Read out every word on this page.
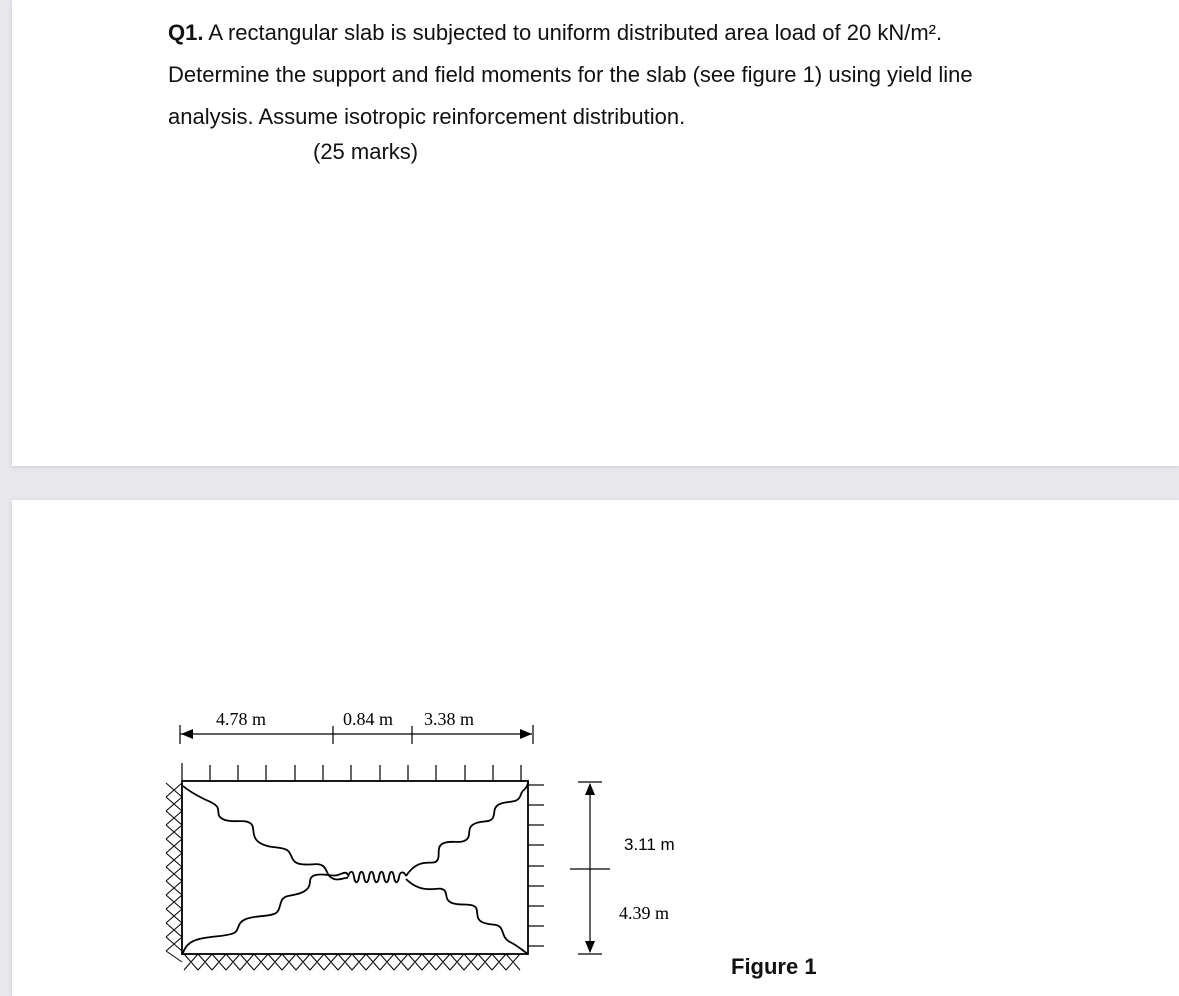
Q1. A rectangular slab is subjected to uniform distributed area load of 20 kN/m².

Determine the support and field moments for the slab (see figure 1) using yield line

analysis. Assume isotropic reinforcement distribution.

(25 marks)
4.78 m	0.84 m 3.38 m
3.11 m
4.39 m
Figure 1
